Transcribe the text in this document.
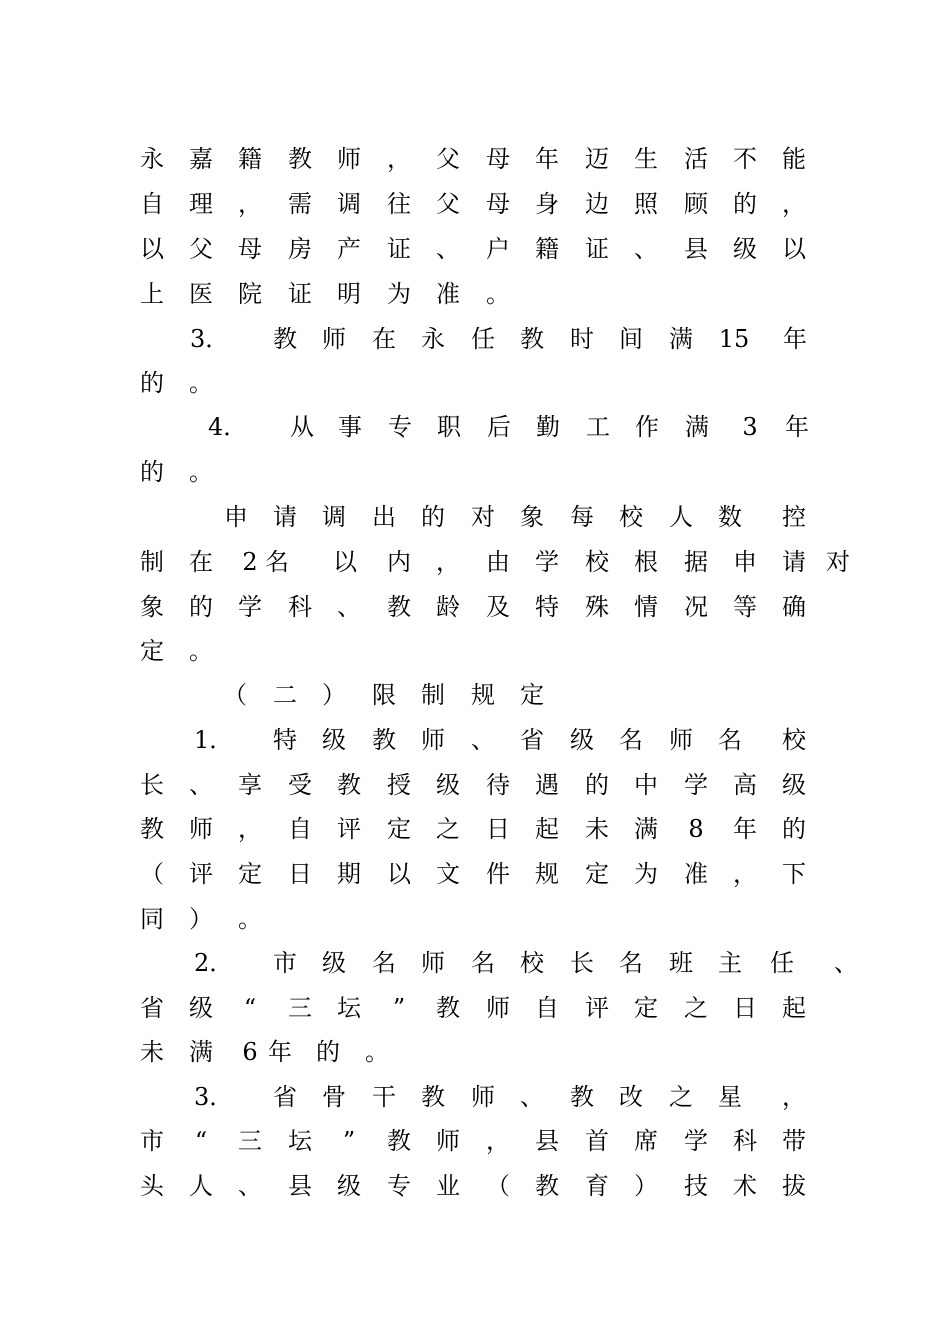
永 嘉 籍 教 师 ， 父 母 年 迈 生 活 不 能
自 理 ， 需 调 往 父 母 身 边 照 顾 的 ，
以 父 母 房 产 证 、 户 籍 证 、 县 级 以
上 医 院 证 明 为 准 。
3． 教 师 在 永 任 教 时 间 满 15 年
的 。
4． 从 事 专 职 后 勤 工 作 满 3 年
的 。
申 请 调 出 的 对 象 每 校 人 数 控
制 在 2 名 以 内 ， 由 学 校 根 据 申 请 对
象 的 学 科 、 教 龄 及 特 殊 情 况 等 确
定 。
（ 二 ） 限 制 规 定
1． 特 级 教 师 、 省 级 名 师 名 校
长 、 享 受 教 授 级 待 遇 的 中 学 高 级
教 师 ， 自 评 定 之 日 起 未 满 8 年 的
（ 评 定 日 期 以 文 件 规 定 为 准 ， 下
同 ） 。
2． 市 级 名 师 名 校 长 名 班 主 任 、
省 级	“	三 坛	”	教 师 自 评 定 之 日 起
未 满 6 年 的 。
3． 省 骨 干 教 师 、 教 改 之 星 ，
市	“	三 坛	”	教 师 ， 县 首 席 学 科 带
头 人 、 县 级 专 业 （ 教 育 ） 技 术 拔
